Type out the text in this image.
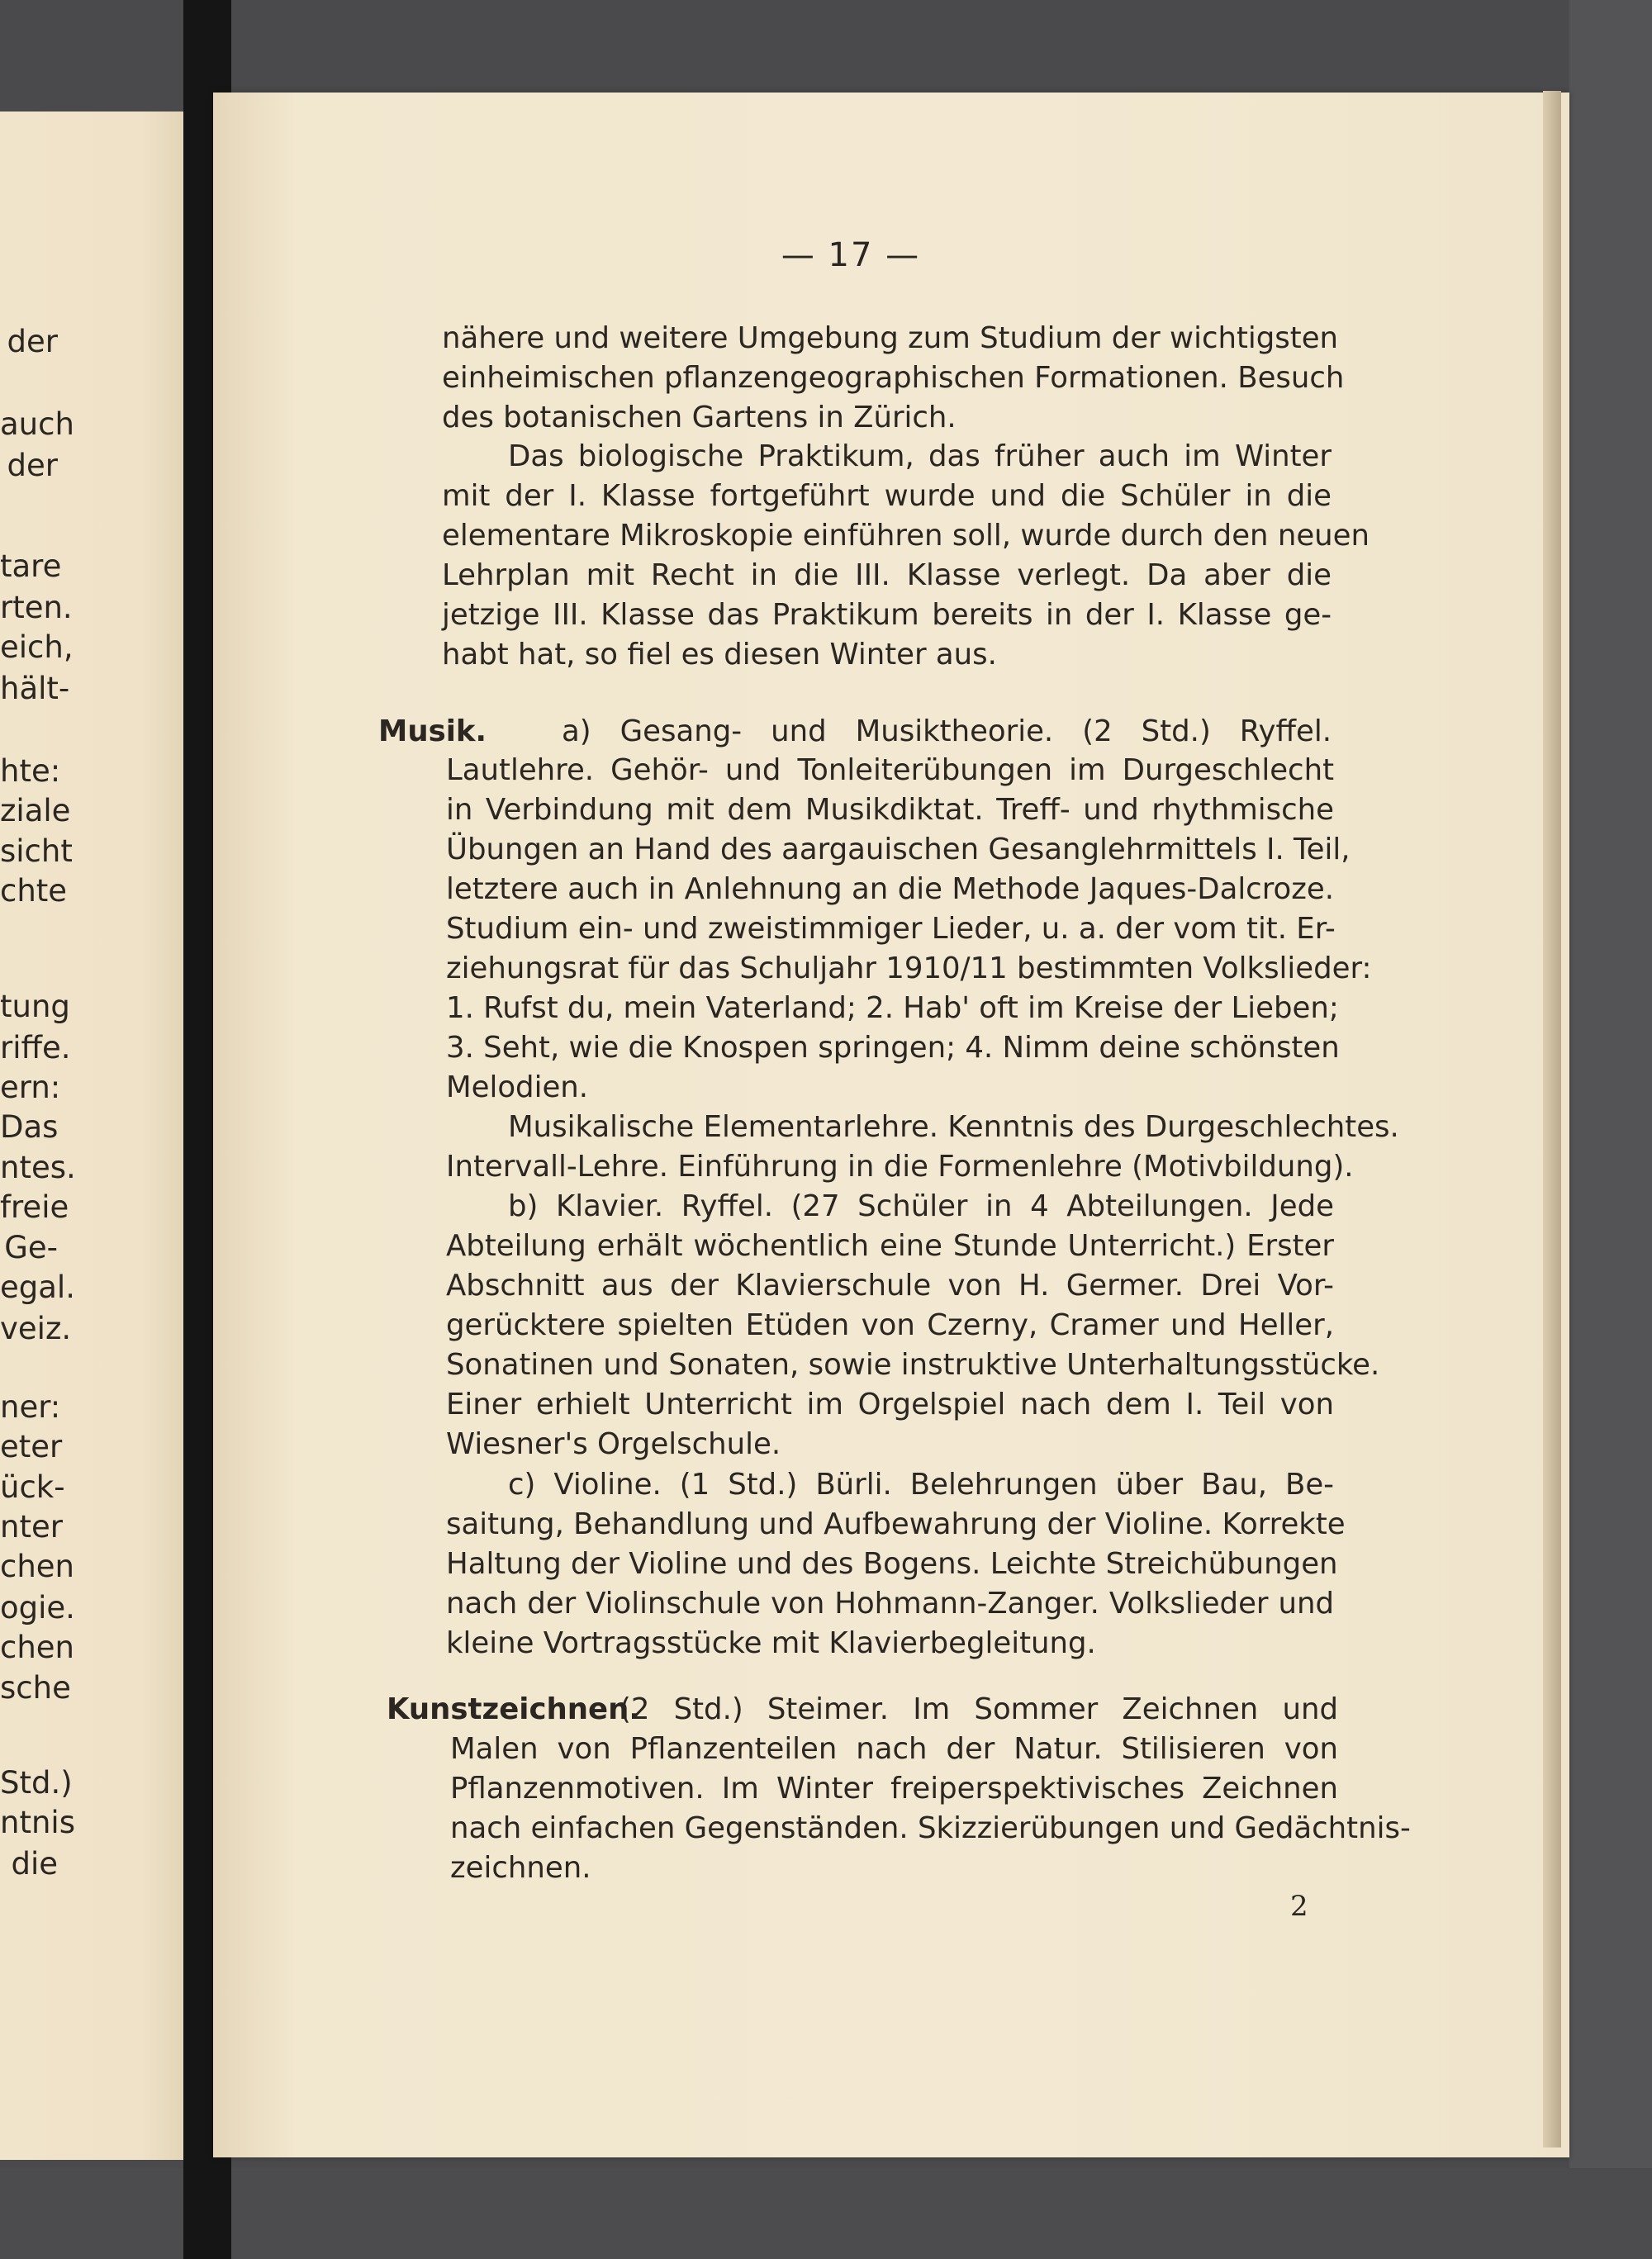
der
auch
der
tare
rten.
eich,
hält-
hte:
ziale
sicht
chte
tung
riffe.
ern:
Das
ntes.
freie
Ge-
egal.
veiz.
ner:
eter
ück-
nter
chen
ogie.
chen
sche
Std.)
ntnis
die
— 17 —
nähere und weitere Umgebung zum Studium der wichtigsten
einheimischen pflanzengeographischen Formationen. Besuch
des botanischen Gartens in Zürich.
Das biologische Praktikum, das früher auch im Winter
mit der I. Klasse fortgeführt wurde und die Schüler in die
elementare Mikroskopie einführen soll, wurde durch den neuen
Lehrplan mit Recht in die III. Klasse verlegt. Da aber die
jetzige III. Klasse das Praktikum bereits in der I. Klasse ge-
habt hat, so fiel es diesen Winter aus.
Musik.	a) Gesang- und Musiktheorie. (2 Std.) Ryffel.
Lautlehre. Gehör- und Tonleiterübungen im Durgeschlecht
in Verbindung mit dem Musikdiktat. Treff- und rhythmische
Übungen an Hand des aargauischen Gesanglehrmittels I. Teil,
letztere auch in Anlehnung an die Methode Jaques-Dalcroze.
Studium ein- und zweistimmiger Lieder, u. a. der vom tit. Er-
ziehungsrat für das Schuljahr 1910/11 bestimmten Volkslieder:
1. Rufst du, mein Vaterland; 2. Hab' oft im Kreise der Lieben;
3. Seht, wie die Knospen springen; 4. Nimm deine schönsten
Melodien.
Musikalische Elementarlehre. Kenntnis des Durgeschlechtes.
Intervall-Lehre. Einführung in die Formenlehre (Motivbildung).
b) Klavier. Ryffel. (27 Schüler in 4 Abteilungen. Jede
Abteilung erhält wöchentlich eine Stunde Unterricht.) Erster
Abschnitt aus der Klavierschule von H. Germer. Drei Vor-
gerücktere spielten Etüden von Czerny, Cramer und Heller,
Sonatinen und Sonaten, sowie instruktive Unterhaltungsstücke.
Einer erhielt Unterricht im Orgelspiel nach dem I. Teil von
Wiesner's Orgelschule.
c) Violine. (1 Std.) Bürli. Belehrungen über Bau, Be-
saitung, Behandlung und Aufbewahrung der Violine. Korrekte
Haltung der Violine und des Bogens. Leichte Streichübungen
nach der Violinschule von Hohmann-Zanger. Volkslieder und
kleine Vortragsstücke mit Klavierbegleitung.
Kunstzeichnen.
(2 Std.) Steimer. Im Sommer Zeichnen und
Malen von Pflanzenteilen nach der Natur. Stilisieren von
Pflanzenmotiven. Im Winter freiperspektivisches Zeichnen
nach einfachen Gegenständen. Skizzierübungen und Gedächtnis-
zeichnen.
2
